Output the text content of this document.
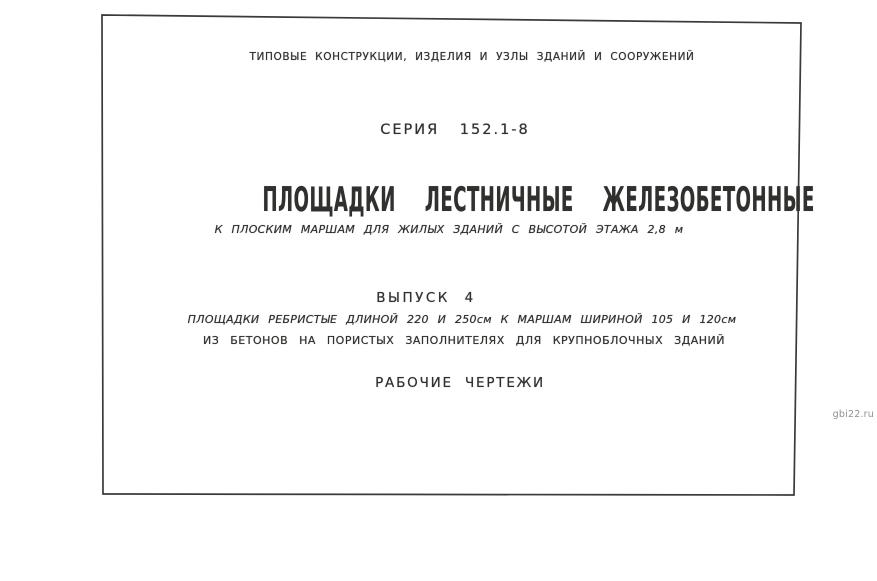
ТИПОВЫЕ КОНСТРУКЦИИ, ИЗДЕЛИЯ И УЗЛЫ ЗДАНИЙ И СООРУЖЕНИЙ
СЕРИЯ 152.1-8
ПЛОЩАДКИ ЛЕСТНИЧНЫЕ ЖЕЛЕЗОБЕТОННЫЕ
К ПЛОСКИМ МАРШАМ ДЛЯ ЖИЛЫХ ЗДАНИЙ С ВЫСОТОЙ ЭТАЖА 2,8 м
ВЫПУСК 4
ПЛОЩАДКИ РЕБРИСТЫЕ ДЛИНОЙ 220 И 250см К МАРШАМ ШИРИНОЙ 105 И 120см
ИЗ БЕТОНОВ НА ПОРИСТЫХ ЗАПОЛНИТЕЛЯХ ДЛЯ КРУПНОБЛОЧНЫХ ЗДАНИЙ
РАБОЧИЕ ЧЕРТЕЖИ
gbi22.ru
